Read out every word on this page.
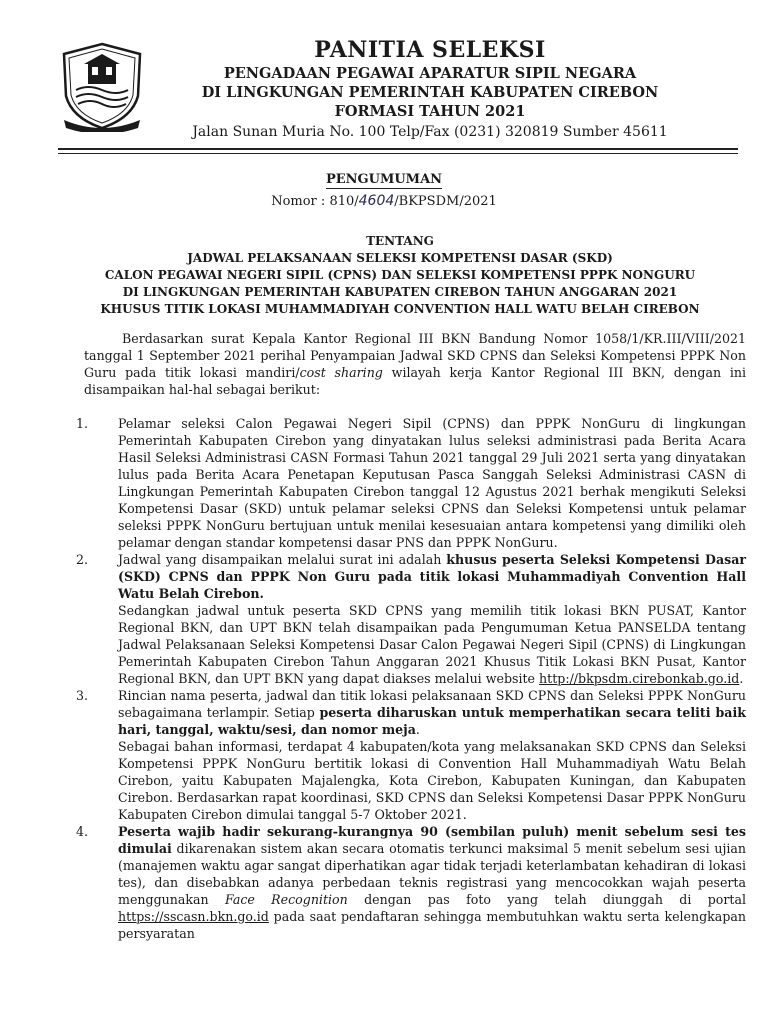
PANITIA SELEKSI
PENGADAAN PEGAWAI APARATUR SIPIL NEGARA
DI LINGKUNGAN PEMERINTAH KABUPATEN CIREBON
FORMASI TAHUN 2021
Jalan Sunan Muria No. 100 Telp/Fax (0231) 320819 Sumber 45611
PENGUMUMAN
Nomor : 810/4604/BKPSDM/2021
TENTANG
JADWAL PELAKSANAAN SELEKSI KOMPETENSI DASAR (SKD)
CALON PEGAWAI NEGERI SIPIL (CPNS) DAN SELEKSI KOMPETENSI PPPK NONGURU
DI LINGKUNGAN PEMERINTAH KABUPATEN CIREBON TAHUN ANGGARAN 2021
KHUSUS TITIK LOKASI MUHAMMADIYAH CONVENTION HALL WATU BELAH CIREBON
Berdasarkan surat Kepala Kantor Regional III BKN Bandung Nomor 1058/1/KR.III/VIII/2021 tanggal 1 September 2021 perihal Penyampaian Jadwal SKD CPNS dan Seleksi Kompetensi PPPK Non Guru pada titik lokasi mandiri/cost sharing wilayah kerja Kantor Regional III BKN, dengan ini disampaikan hal-hal sebagai berikut:
1. Pelamar seleksi Calon Pegawai Negeri Sipil (CPNS) dan PPPK NonGuru di lingkungan Pemerintah Kabupaten Cirebon yang dinyatakan lulus seleksi administrasi pada Berita Acara Hasil Seleksi Administrasi CASN Formasi Tahun 2021 tanggal 29 Juli 2021 serta yang dinyatakan lulus pada Berita Acara Penetapan Keputusan Pasca Sanggah Seleksi Administrasi CASN di Lingkungan Pemerintah Kabupaten Cirebon tanggal 12 Agustus 2021 berhak mengikuti Seleksi Kompetensi Dasar (SKD) untuk pelamar seleksi CPNS dan Seleksi Kompetensi untuk pelamar seleksi PPPK NonGuru bertujuan untuk menilai kesesuaian antara kompetensi yang dimiliki oleh pelamar dengan standar kompetensi dasar PNS dan PPPK NonGuru.
2. Jadwal yang disampaikan melalui surat ini adalah khusus peserta Seleksi Kompetensi Dasar (SKD) CPNS dan PPPK Non Guru pada titik lokasi Muhammadiyah Convention Hall Watu Belah Cirebon.
Sedangkan jadwal untuk peserta SKD CPNS yang memilih titik lokasi BKN PUSAT, Kantor Regional BKN, dan UPT BKN telah disampaikan pada Pengumuman Ketua PANSELDA tentang Jadwal Pelaksanaan Seleksi Kompetensi Dasar Calon Pegawai Negeri Sipil (CPNS) di Lingkungan Pemerintah Kabupaten Cirebon Tahun Anggaran 2021 Khusus Titik Lokasi BKN Pusat, Kantor Regional BKN, dan UPT BKN yang dapat diakses melalui website http://bkpsdm.cirebonkab.go.id.
3. Rincian nama peserta, jadwal dan titik lokasi pelaksanaan SKD CPNS dan Seleksi PPPK NonGuru sebagaimana terlampir. Setiap peserta diharuskan untuk memperhatikan secara teliti baik hari, tanggal, waktu/sesi, dan nomor meja.
Sebagai bahan informasi, terdapat 4 kabupaten/kota yang melaksanakan SKD CPNS dan Seleksi Kompetensi PPPK NonGuru bertitik lokasi di Convention Hall Muhammadiyah Watu Belah Cirebon, yaitu Kabupaten Majalengka, Kota Cirebon, Kabupaten Kuningan, dan Kabupaten Cirebon. Berdasarkan rapat koordinasi, SKD CPNS dan Seleksi Kompetensi Dasar PPPK NonGuru Kabupaten Cirebon dimulai tanggal 5-7 Oktober 2021.
4. Peserta wajib hadir sekurang-kurangnya 90 (sembilan puluh) menit sebelum sesi tes dimulai dikarenakan sistem akan secara otomatis terkunci maksimal 5 menit sebelum sesi ujian (manajemen waktu agar sangat diperhatikan agar tidak terjadi keterlambatan kehadiran di lokasi tes), dan disebabkan adanya perbedaan teknis registrasi yang mencocokkan wajah peserta menggunakan Face Recognition dengan pas foto yang telah diunggah di portal https://sscasn.bkn.go.id pada saat pendaftaran sehingga membutuhkan waktu serta kelengkapan persyaratan
